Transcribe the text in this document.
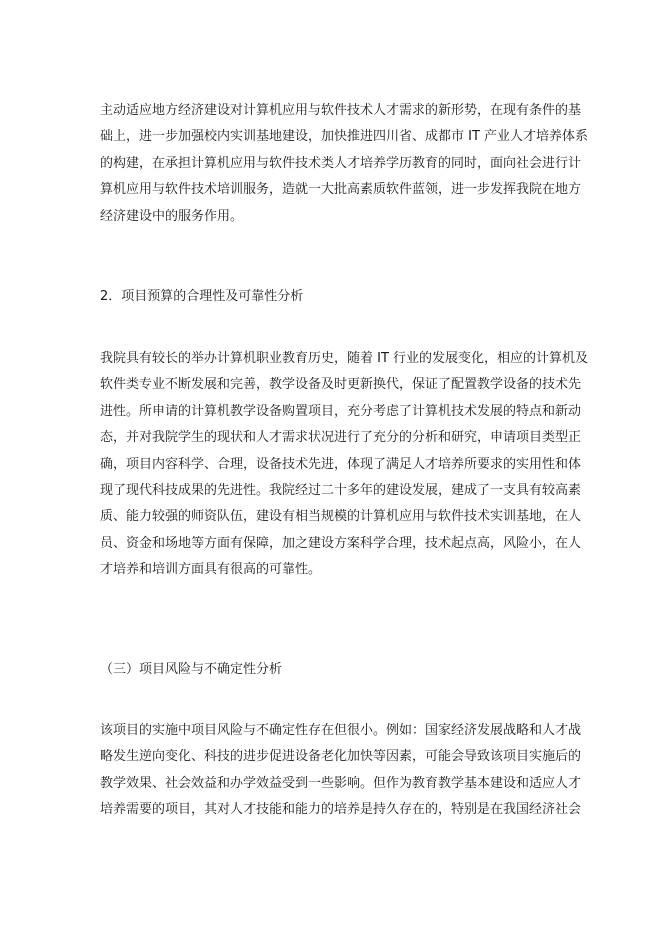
主动适应地方经济建设对计算机应用与软件技术人才需求的新形势，在现有条件的基
础上，进一步加强校内实训基地建设，加快推进四川省、成都市 IT 产业人才培养体系
的构建，在承担计算机应用与软件技术类人才培养学历教育的同时，面向社会进行计
算机应用与软件技术培训服务，造就一大批高素质软件蓝领，进一步发挥我院在地方
经济建设中的服务作用。

2．项目预算的合理性及可靠性分析

我院具有较长的举办计算机职业教育历史，随着 IT 行业的发展变化，相应的计算机及
软件类专业不断发展和完善，教学设备及时更新换代，保证了配置教学设备的技术先
进性。所申请的计算机教学设备购置项目，充分考虑了计算机技术发展的特点和新动
态，并对我院学生的现状和人才需求状况进行了充分的分析和研究，申请项目类型正
确，项目内容科学、合理，设备技术先进，体现了满足人才培养所要求的实用性和体
现了现代科技成果的先进性。我院经过二十多年的建设发展，建成了一支具有较高素
质、能力较强的师资队伍，建设有相当规模的计算机应用与软件技术实训基地，在人
员、资金和场地等方面有保障，加之建设方案科学合理，技术起点高，风险小，在人
才培养和培训方面具有很高的可靠性。

（三）项目风险与不确定性分析

该项目的实施中项目风险与不确定性存在但很小。例如：国家经济发展战略和人才战
略发生逆向变化、科技的进步促进设备老化加快等因素，可能会导致该项目实施后的
教学效果、社会效益和办学效益受到一些影响。但作为教育教学基本建设和适应人才
培养需要的项目，其对人才技能和能力的培养是持久存在的，特别是在我国经济社会
